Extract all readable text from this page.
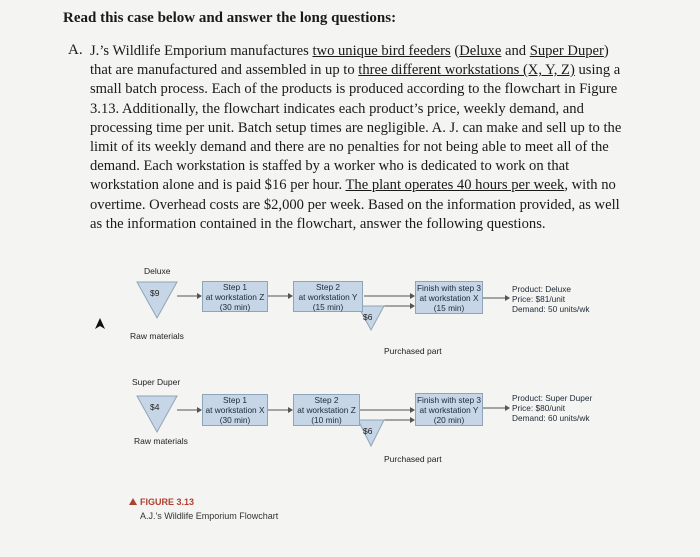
Read this case below and answer the long questions:
A. J.’s Wildlife Emporium manufactures two unique bird feeders (Deluxe and Super Duper)
that are manufactured and assembled in up to three different workstations (X, Y, Z) using a
small batch process. Each of the products is produced according to the flowchart in Figure
3.13. Additionally, the flowchart indicates each product’s price, weekly demand, and
processing time per unit. Batch setup times are negligible. A. J. can make and sell up to the
limit of its weekly demand and there are no penalties for not being able to meet all of the
demand. Each workstation is staffed by a worker who is dedicated to work on that
workstation alone and is paid $16 per hour. The plant operates 40 hours per week, with no
overtime. Overhead costs are $2,000 per week. Based on the information provided, as well
as the information contained in the flowchart, answer the following questions.
Deluxe
$9
Raw materials
Step 1
at workstation Z
(30 min)
Step 2
at workstation Y
(15 min)
Finish with step 3
at workstation X
(15 min)
$6
Purchased part
Product: Deluxe
Price: $81/unit
Demand: 50 units/wk
Super Duper
$4
Raw materials
Step 1
at workstation X
(30 min)
Step 2
at workstation Z
(10 min)
Finish with step 3
at workstation Y
(20 min)
$6
Purchased part
Product: Super Duper
Price: $80/unit
Demand: 60 units/wk
FIGURE 3.13
A.J.'s Wildlife Emporium Flowchart
